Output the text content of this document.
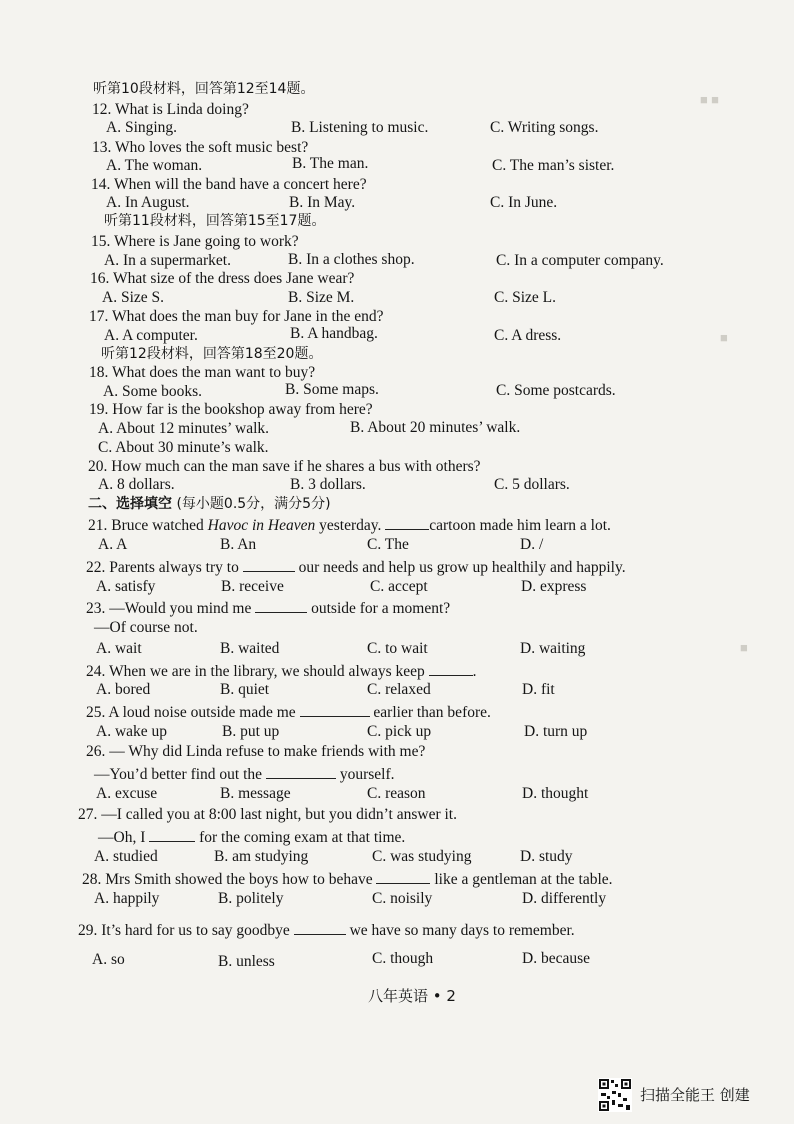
■ ■
■
■
听第10段材料，回答第12至14题。
12. What is Linda doing?
A. Singing.	B. Listening to music.	C. Writing songs.
13. Who loves the soft music best?
A. The woman.	B. The man.	C. The man’s sister.
14. When will the band have a concert here?
A. In August.	B. In May.	C. In June.
听第11段材料，回答第15至17题。
15. Where is Jane going to work?
A. In a supermarket.	B. In a clothes shop.	C. In a computer company.
16. What size of the dress does Jane wear?
A. Size S.	B. Size M.	C. Size L.
17. What does the man buy for Jane in the end?
A. A computer.	B. A handbag.	C. A dress.
听第12段材料，回答第18至20题。
18. What does the man want to buy?
A. Some books.	B. Some maps.	C. Some postcards.
19. How far is the bookshop away from here?
A. About 12 minutes’ walk.	B. About 20 minutes’ walk.
C. About 30 minute’s walk.
20. How much can the man save if he shares a bus with others?
A. 8 dollars.	B. 3 dollars.	C. 5 dollars.
二、选择填空 (每小题0.5分，满分5分)
21. Bruce watched Havoc in Heaven yesterday.	cartoon made him learn a lot.
A. A	B. An	C. The	D. /
22. Parents always try to	our needs and help us grow up healthily and happily.
A. satisfy	B. receive	C. accept	D. express
23. —Would you mind me	outside for a moment?
—Of course not.
A. wait	B. waited	C. to wait	D. waiting
24. When we are in the library, we should always keep	.
A. bored	B. quiet	C. relaxed	D. fit
25. A loud noise outside made me	earlier than before.
A. wake up	B. put up	C. pick up	D. turn up
26. — Why did Linda refuse to make friends with me?
—You’d better find out the	yourself.
A. excuse	B. message	C. reason	D. thought
27. —I called you at 8:00 last night, but you didn’t answer it.
—Oh, I	for the coming exam at that time.
A. studied	B. am studying	C. was studying	D. study
28. Mrs Smith showed the boys how to behave	like a gentleman at the table.
A. happily	B. politely	C. noisily	D. differently
29. It’s hard for us to say goodbye	we have so many days to remember.
A. so	B. unless	C. though	D. because
八年英语 • 2
扫描全能王 创建
